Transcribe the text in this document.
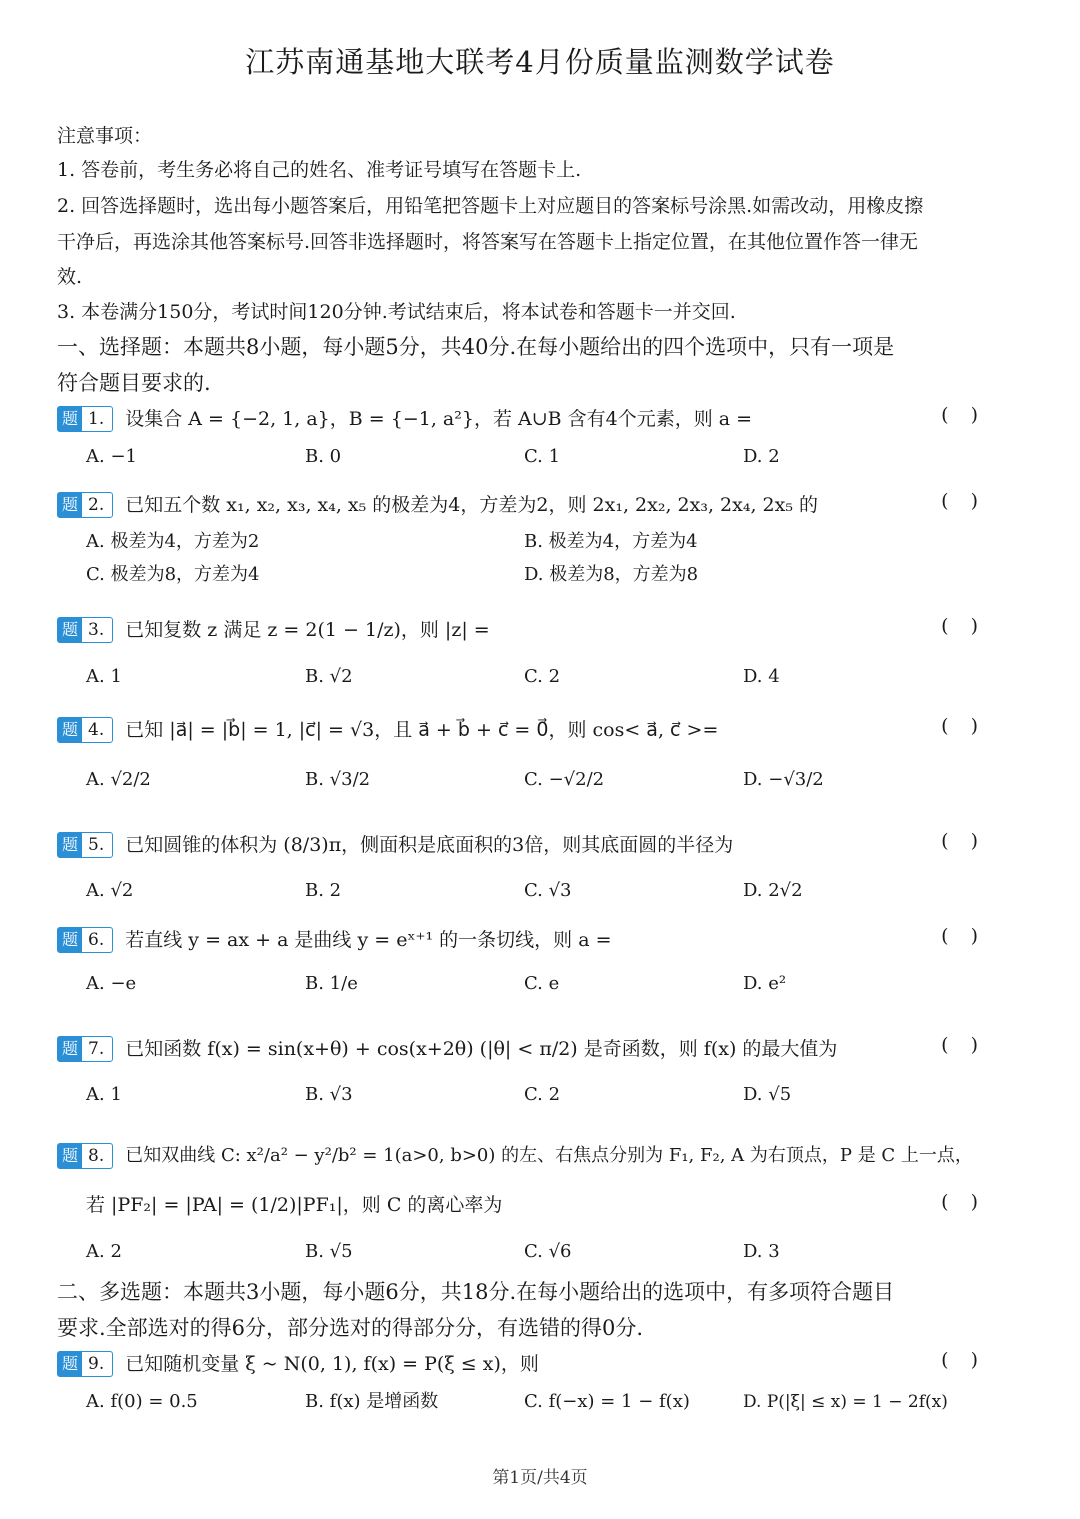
江苏南通基地大联考4月份质量监测数学试卷
注意事项：
1. 答卷前，考生务必将自己的姓名、准考证号填写在答题卡上.
2. 回答选择题时，选出每小题答案后，用铅笔把答题卡上对应题目的答案标号涂黑.如需改动，用橡皮擦
干净后，再选涂其他答案标号.回答非选择题时，将答案写在答题卡上指定位置，在其他位置作答一律无
效.
3. 本卷满分150分，考试时间120分钟.考试结束后，将本试卷和答题卡一并交回.
一、选择题：本题共8小题，每小题5分，共40分.在每小题给出的四个选项中，只有一项是
符合题目要求的.
题 1. 设集合 A = {−2, 1, a}，B = {−1, a²}，若 A∪B 含有4个元素，则 a =	()
A. −1	B. 0	C. 1	D. 2
题 2. 已知五个数 x₁, x₂, x₃, x₄, x₅ 的极差为4，方差为2，则 2x₁, 2x₂, 2x₃, 2x₄, 2x₅ 的	()
A. 极差为4，方差为2	B. 极差为4，方差为4
C. 极差为8，方差为4	D. 极差为8，方差为8
题 3. 已知复数 z 满足 z = 2(1 − 1/z)，则 |z| =	()
A. 1	B. √2	C. 2	D. 4
题 4. 已知 |a⃗| = |b⃗| = 1, |c⃗| = √3，且 a⃗ + b⃗ + c⃗ = 0⃗，则 cos< a⃗, c⃗ >=	()
A. √2/2	B. √3/2	C. −√2/2	D. −√3/2
题 5. 已知圆锥的体积为 (8/3)π，侧面积是底面积的3倍，则其底面圆的半径为	()
A. √2	B. 2	C. √3	D. 2√2
题 6. 若直线 y = ax + a 是曲线 y = eˣ⁺¹ 的一条切线，则 a =	()
A. −e	B. 1/e	C. e	D. e²
题 7. 已知函数 f(x) = sin(x+θ) + cos(x+2θ) (|θ| < π/2) 是奇函数，则 f(x) 的最大值为	()
A. 1	B. √3	C. 2	D. √5
题 8. 已知双曲线 C: x²/a² − y²/b² = 1(a>0, b>0) 的左、右焦点分别为 F₁, F₂, A 为右顶点，P 是 C 上一点，
若 |PF₂| = |PA| = (1/2)|PF₁|，则 C 的离心率为	()
A. 2	B. √5	C. √6	D. 3
二、多选题：本题共3小题，每小题6分，共18分.在每小题给出的选项中，有多项符合题目
要求.全部选对的得6分，部分选对的得部分分，有选错的得0分.
题 9. 已知随机变量 ξ ~ N(0, 1), f(x) = P(ξ ≤ x)，则	()
A. f(0) = 0.5	B. f(x) 是增函数	C. f(−x) = 1 − f(x)	D. P(|ξ| ≤ x) = 1 − 2f(x)
第1页/共4页
